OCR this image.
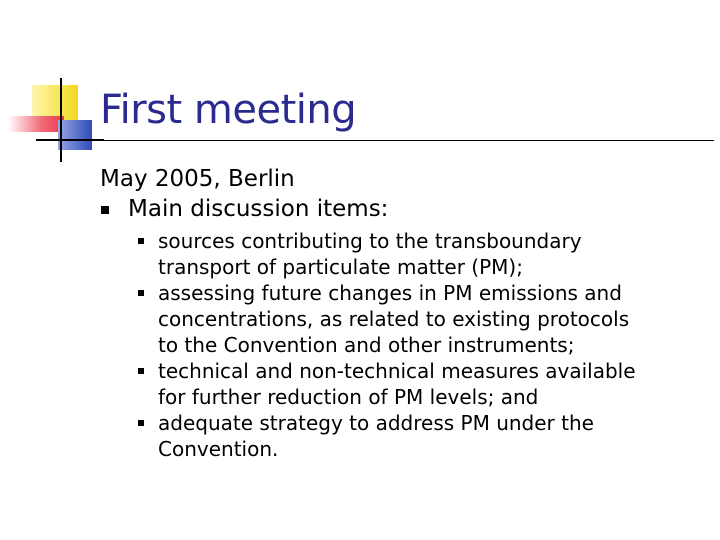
First meeting
May 2005, Berlin
Main discussion items:
sources contributing to the transboundary
transport of particulate matter (PM);
assessing future changes in PM emissions and
concentrations, as related to existing protocols
to the Convention and other instruments;
technical and non-technical measures available
for further reduction of PM levels; and
adequate strategy to address PM under the
Convention.
